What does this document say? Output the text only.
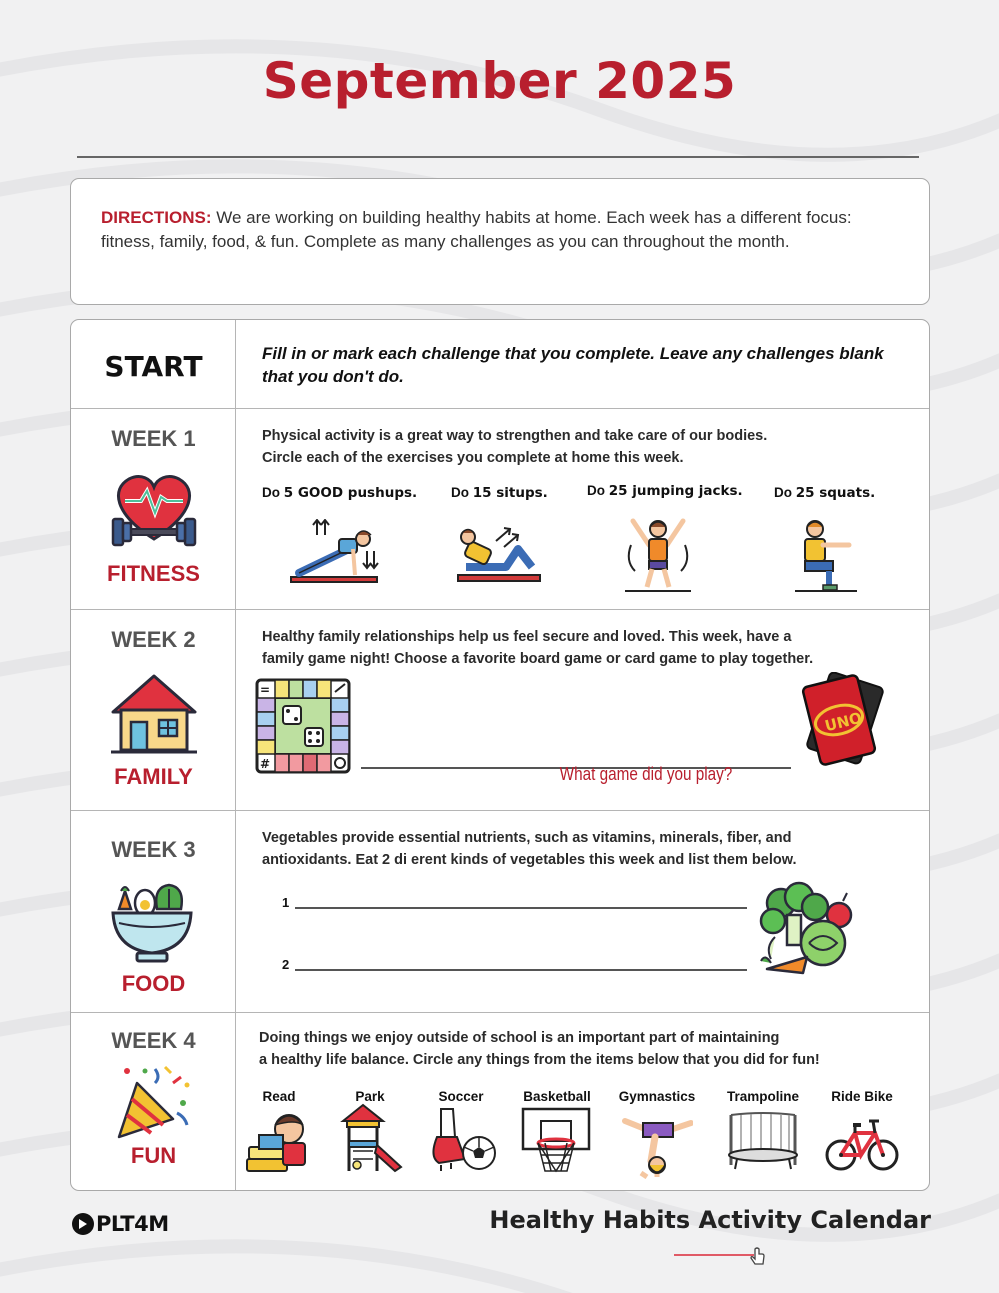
September 2025
DIRECTIONS: We are working on building healthy habits at home. Each week has a different focus: fitness, family, food, & fun. Complete as many challenges as you can throughout the month.
START	Fill in or mark each challenge that you complete. Leave any challenges blank that you don't do.
WEEK 1
FITNESS
Physical activity is a great way to strengthen and take care of our bodies.
Circle each of the exercises you complete at home this week.
Do 5 GOOD pushups.	Do 15 situps.	Do 25 jumping jacks. Do 25 squats.
WEEK 2
FAMILY
Healthy family relationships help us feel secure and loved. This week, have a
family game night! Choose a favorite board game or card game to play together.
=
#	What game did you play?
UNO
WEEK 3
FOOD
Vegetables provide essential nutrients, such as vitamins, minerals, fiber, and
antioxidants. Eat 2 di erent kinds of vegetables this week and list them below.
1
2
WEEK 4
FUN
Doing things we enjoy outside of school is an important part of maintaining
a healthy life balance. Circle any things from the items below that you did for fun!
Read	Park	Soccer	Basketball	Gymnastics	Trampoline	Ride Bike
PLT4M	Healthy Habits Activity Calendar
